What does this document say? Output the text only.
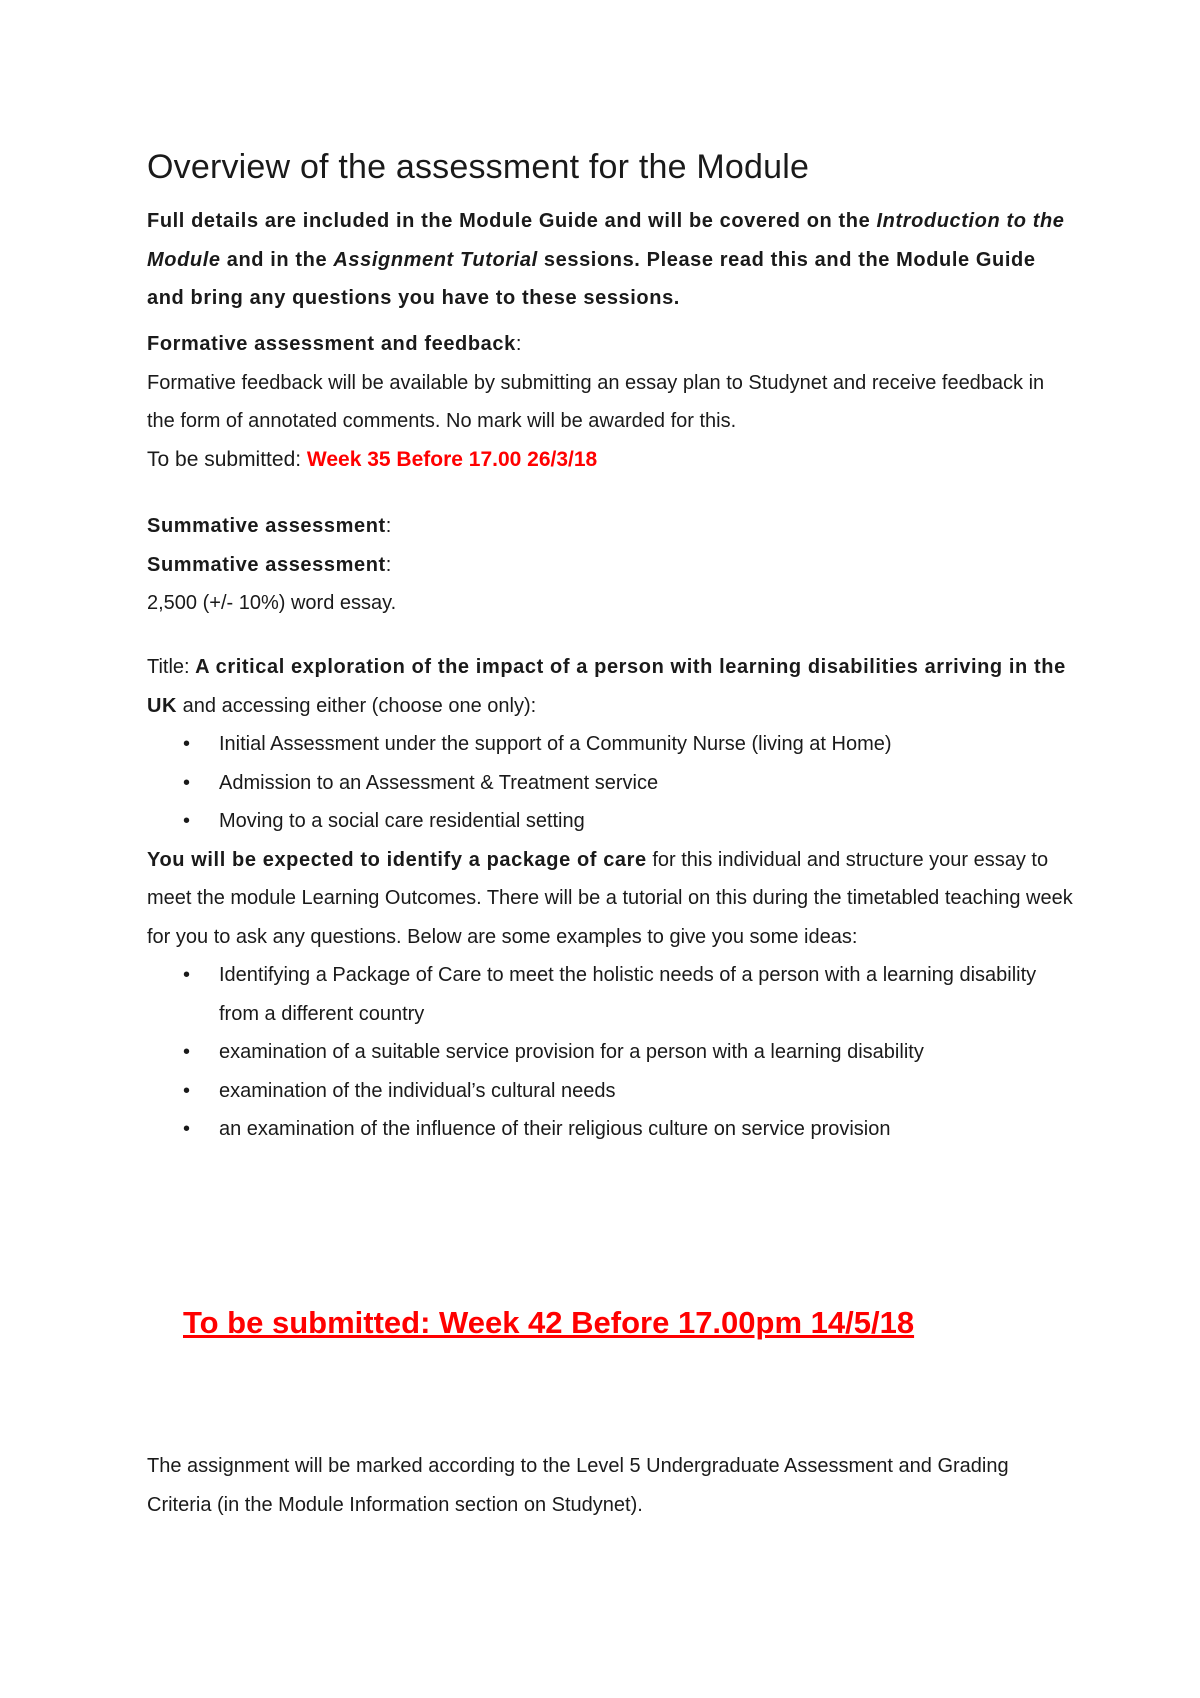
Overview of the assessment for the Module
Full details are included in the Module Guide and will be covered on the Introduction to the Module and in the Assignment Tutorial sessions. Please read this and the Module Guide and bring any questions you have to these sessions.
Formative assessment and feedback:
Formative feedback will be available by submitting an essay plan to Studynet and receive feedback in the form of annotated comments. No mark will be awarded for this.
To be submitted: Week 35 Before 17.00 26/3/18
Summative assessment:
Summative assessment:
2,500 (+/- 10%) word essay.
Title: A critical exploration of the impact of a person with learning disabilities arriving in the UK and accessing either (choose one only):
• Initial Assessment under the support of a Community Nurse (living at Home)
• Admission to an Assessment & Treatment service
• Moving to a social care residential setting
You will be expected to identify a package of care for this individual and structure your essay to meet the module Learning Outcomes. There will be a tutorial on this during the timetabled teaching week for you to ask any questions. Below are some examples to give you some ideas:
• Identifying a Package of Care to meet the holistic needs of a person with a learning disability from a different country
• examination of a suitable service provision for a person with a learning disability
• examination of the individual’s cultural needs
• an examination of the influence of their religious culture on service provision
To be submitted: Week 42 Before 17.00pm 14/5/18
The assignment will be marked according to the Level 5 Undergraduate Assessment and Grading Criteria (in the Module Information section on Studynet).
